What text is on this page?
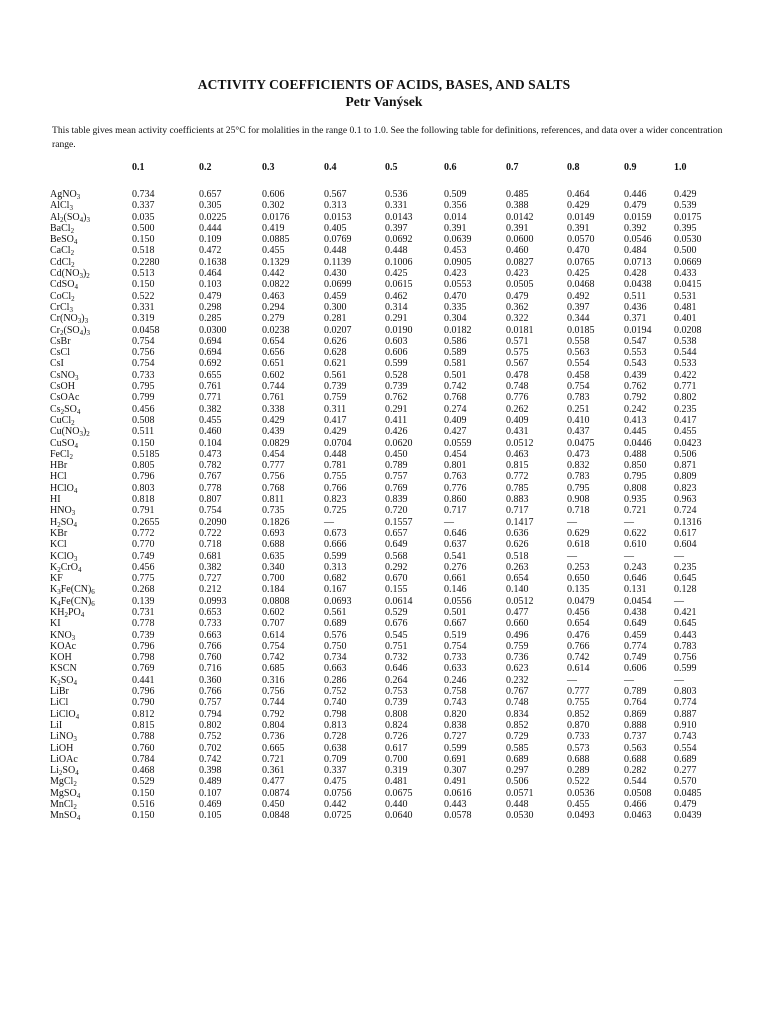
ACTIVITY COEFFICIENTS OF ACIDS, BASES, AND SALTS
Petr Vanýsek
This table gives mean activity coefficients at 25°C for molalities in the range 0.1 to 1.0. See the following table for definitions, references, and data over a wider concentration range.
	0.1	0.2	0.3	0.4	0.5	0.6	0.7	0.8	0.9	1.0

AgNO$_3$	0.734	0.657	0.606	0.567	0.536	0.509	0.485	0.464	0.446	0.429
AlCl$_3$	0.337	0.305	0.302	0.313	0.331	0.356	0.388	0.429	0.479	0.539
$Al_2(SO_4)_3$	0.035	0.0225	0.0176	0.0153	0.0143	0.014	0.0142	0.0149	0.0159	0.0175
BaCl$_2$	0.500	0.444	0.419	0.405	0.397	0.391	0.391	0.391	0.392	0.395
BeSO$_4$	0.150	0.109	0.0885	0.0769	0.0692	0.0639	0.0600	0.0570	0.0546	0.0530
CaCl$_2$	0.518	0.472	0.455	0.448	0.448	0.453	0.460	0.470	0.484	0.500
CdCl$_2$	0.2280	0.1638	0.1329	0.1139	0.1006	0.0905	0.0827	0.0765	0.0713	0.0669
$Cd(NO_3)_2$	0.513	0.464	0.442	0.430	0.425	0.423	0.423	0.425	0.428	0.433
CdSO$_4$	0.150	0.103	0.0822	0.0699	0.0615	0.0553	0.0505	0.0468	0.0438	0.0415
CoCl$_2$	0.522	0.479	0.463	0.459	0.462	0.470	0.479	0.492	0.511	0.531
CrCl$_3$	0.331	0.298	0.294	0.300	0.314	0.335	0.362	0.397	0.436	0.481
$Cr(NO_3)_3$	0.319	0.285	0.279	0.281	0.291	0.304	0.322	0.344	0.371	0.401
$Cr_2(SO_4)_3$	0.0458	0.0300	0.0238	0.0207	0.0190	0.0182	0.0181	0.0185	0.0194	0.0208
CsBr	0.754	0.694	0.654	0.626	0.603	0.586	0.571	0.558	0.547	0.538
CsCl	0.756	0.694	0.656	0.628	0.606	0.589	0.575	0.563	0.553	0.544
CsI	0.754	0.692	0.651	0.621	0.599	0.581	0.567	0.554	0.543	0.533
CsNO$_3$	0.733	0.655	0.602	0.561	0.528	0.501	0.478	0.458	0.439	0.422
CsOH	0.795	0.761	0.744	0.739	0.739	0.742	0.748	0.754	0.762	0.771
CsOAc	0.799	0.771	0.761	0.759	0.762	0.768	0.776	0.783	0.792	0.802
$Cs_2SO_4$	0.456	0.382	0.338	0.311	0.291	0.274	0.262	0.251	0.242	0.235
CuCl$_2$	0.508	0.455	0.429	0.417	0.411	0.409	0.409	0.410	0.413	0.417
$Cu(NO_3)_2$	0.511	0.460	0.439	0.429	0.426	0.427	0.431	0.437	0.445	0.455
CuSO$_4$	0.150	0.104	0.0829	0.0704	0.0620	0.0559	0.0512	0.0475	0.0446	0.0423
FeCl$_2$	0.5185	0.473	0.454	0.448	0.450	0.454	0.463	0.473	0.488	0.506
HBr	0.805	0.782	0.777	0.781	0.789	0.801	0.815	0.832	0.850	0.871
HCl	0.796	0.767	0.756	0.755	0.757	0.763	0.772	0.783	0.795	0.809
HClO$_4$	0.803	0.778	0.768	0.766	0.769	0.776	0.785	0.795	0.808	0.823
HI	0.818	0.807	0.811	0.823	0.839	0.860	0.883	0.908	0.935	0.963
$HNO_3$	0.791	0.754	0.735	0.725	0.720	0.717	0.717	0.718	0.721	0.724
$H_2SO_4$	0.2655	0.2090	0.1826	—	0.1557	—	0.1417	—	—	0.1316
KBr	0.772	0.722	0.693	0.673	0.657	0.646	0.636	0.629	0.622	0.617
KCl	0.770	0.718	0.688	0.666	0.649	0.637	0.626	0.618	0.610	0.604
KClO$_3$	0.749	0.681	0.635	0.599	0.568	0.541	0.518	—	—	—
$K_2CrO_4$	0.456	0.382	0.340	0.313	0.292	0.276	0.263	0.253	0.243	0.235
KF	0.775	0.727	0.700	0.682	0.670	0.661	0.654	0.650	0.646	0.645
$K_3Fe(CN)_6$	0.268	0.212	0.184	0.167	0.155	0.146	0.140	0.135	0.131	0.128
$K_4Fe(CN)_6$	0.139	0.0993	0.0808	0.0693	0.0614	0.0556	0.0512	0.0479	0.0454	—
$KH_2PO_4$	0.731	0.653	0.602	0.561	0.529	0.501	0.477	0.456	0.438	0.421
KI	0.778	0.733	0.707	0.689	0.676	0.667	0.660	0.654	0.649	0.645
$KNO_3$	0.739	0.663	0.614	0.576	0.545	0.519	0.496	0.476	0.459	0.443
KOAc	0.796	0.766	0.754	0.750	0.751	0.754	0.759	0.766	0.774	0.783
KOH	0.798	0.760	0.742	0.734	0.732	0.733	0.736	0.742	0.749	0.756
KSCN	0.769	0.716	0.685	0.663	0.646	0.633	0.623	0.614	0.606	0.599
$K_2SO_4$	0.441	0.360	0.316	0.286	0.264	0.246	0.232	—	—	—
LiBr	0.796	0.766	0.756	0.752	0.753	0.758	0.767	0.777	0.789	0.803
LiCl	0.790	0.757	0.744	0.740	0.739	0.743	0.748	0.755	0.764	0.774
LiClO$_4$	0.812	0.794	0.792	0.798	0.808	0.820	0.834	0.852	0.869	0.887
LiI	0.815	0.802	0.804	0.813	0.824	0.838	0.852	0.870	0.888	0.910
LiNO$_3$	0.788	0.752	0.736	0.728	0.726	0.727	0.729	0.733	0.737	0.743
LiOH	0.760	0.702	0.665	0.638	0.617	0.599	0.585	0.573	0.563	0.554
LiOAc	0.784	0.742	0.721	0.709	0.700	0.691	0.689	0.688	0.688	0.689
$Li_2SO_4$	0.468	0.398	0.361	0.337	0.319	0.307	0.297	0.289	0.282	0.277
MgCl$_2$	0.529	0.489	0.477	0.475	0.481	0.491	0.506	0.522	0.544	0.570
MgSO$_4$	0.150	0.107	0.0874	0.0756	0.0675	0.0616	0.0571	0.0536	0.0508	0.0485
MnCl$_2$	0.516	0.469	0.450	0.442	0.440	0.443	0.448	0.455	0.466	0.479
MnSO$_4$	0.150	0.105	0.0848	0.0725	0.0640	0.0578	0.0530	0.0493	0.0463	0.0439
